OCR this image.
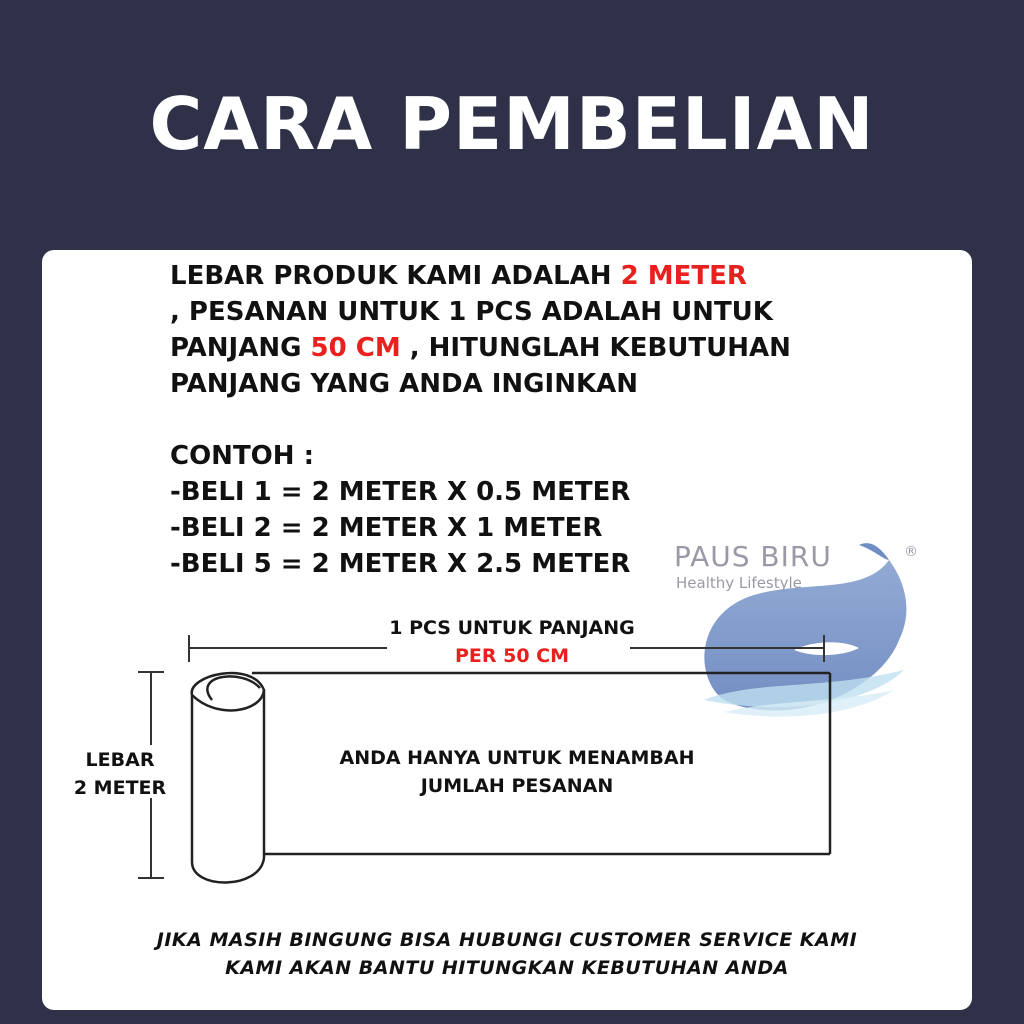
CARA PEMBELIAN

LEBAR PRODUK KAMI ADALAH 2 METER

, PESANAN UNTUK 1 PCS ADALAH UNTUK

PANJANG 50 CM , HITUNGLAH KEBUTUHAN

PANJANG YANG ANDA INGINKAN

CONTOH :

-BELI 1 = 2 METER X 0.5 METER

-BELI 2 = 2 METER X 1 METER

-BELI 5 = 2 METER X 2.5 METER	PAUS BIRU	®
Healthy Lifestyle
1 PCS UNTUK PANJANG
PER 50 CM
LEBAR
2 METER
ANDA HANYA UNTUK MENAMBAH
JUMLAH PESANAN

JIKA MASIH BINGUNG BISA HUBUNGI CUSTOMER SERVICE KAMI

KAMI AKAN BANTU HITUNGKAN KEBUTUHAN ANDA
